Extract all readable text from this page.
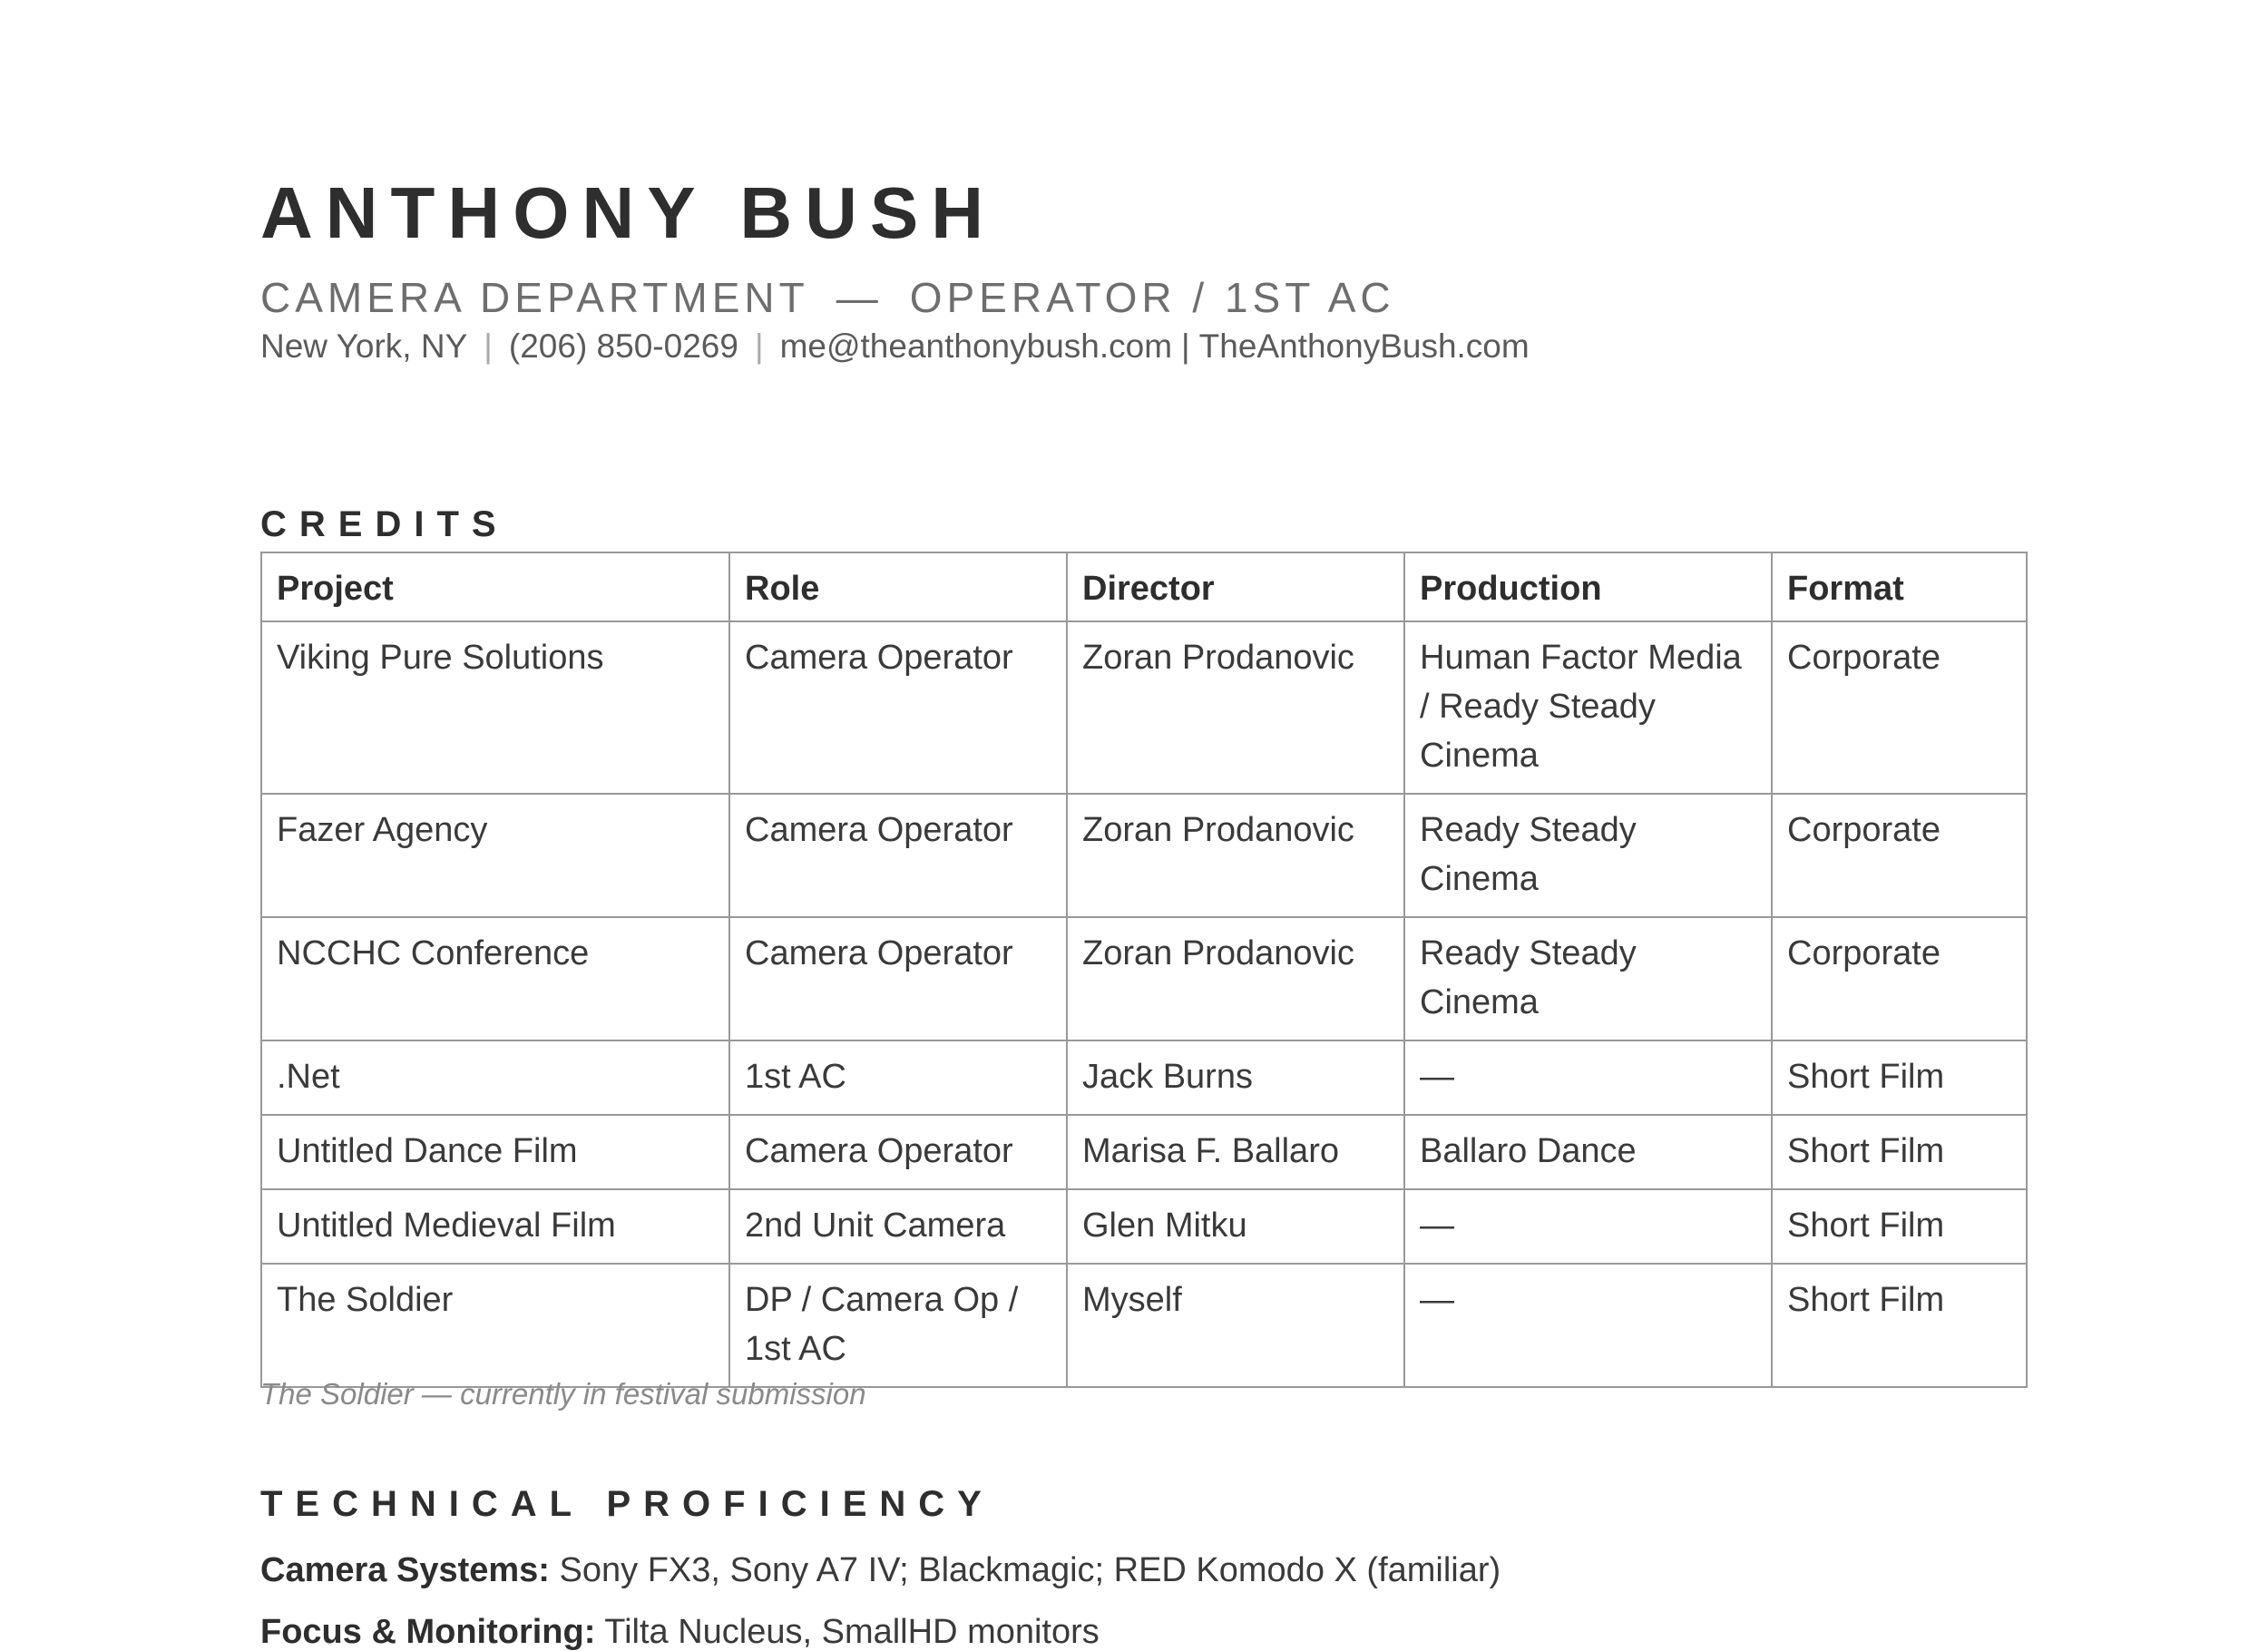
ANTHONY BUSH
CAMERA DEPARTMENT — OPERATOR / 1ST AC
New York, NY | (206) 850-0269 | me@theanthonybush.com | TheAnthonyBush.com
CREDITS
Project	Role	Director	Production	Format
Viking Pure Solutions	Camera Operator	Zoran Prodanovic	Human Factor Media / Ready Steady Cinema	Corporate
Fazer Agency	Camera Operator	Zoran Prodanovic	Ready Steady Cinema	Corporate
NCCHC Conference	Camera Operator	Zoran Prodanovic	Ready Steady Cinema	Corporate
.Net	1st AC	Jack Burns	—	Short Film
Untitled Dance Film	Camera Operator	Marisa F. Ballaro	Ballaro Dance	Short Film
Untitled Medieval Film	2nd Unit Camera	Glen Mitku	—	Short Film
The Soldier	DP / Camera Op / 1st AC	Myself	—	Short Film
The Soldier — currently in festival submission
TECHNICAL PROFICIENCY
Camera Systems: Sony FX3, Sony A7 IV; Blackmagic; RED Komodo X (familiar)
Focus & Monitoring: Tilta Nucleus, SmallHD monitors
